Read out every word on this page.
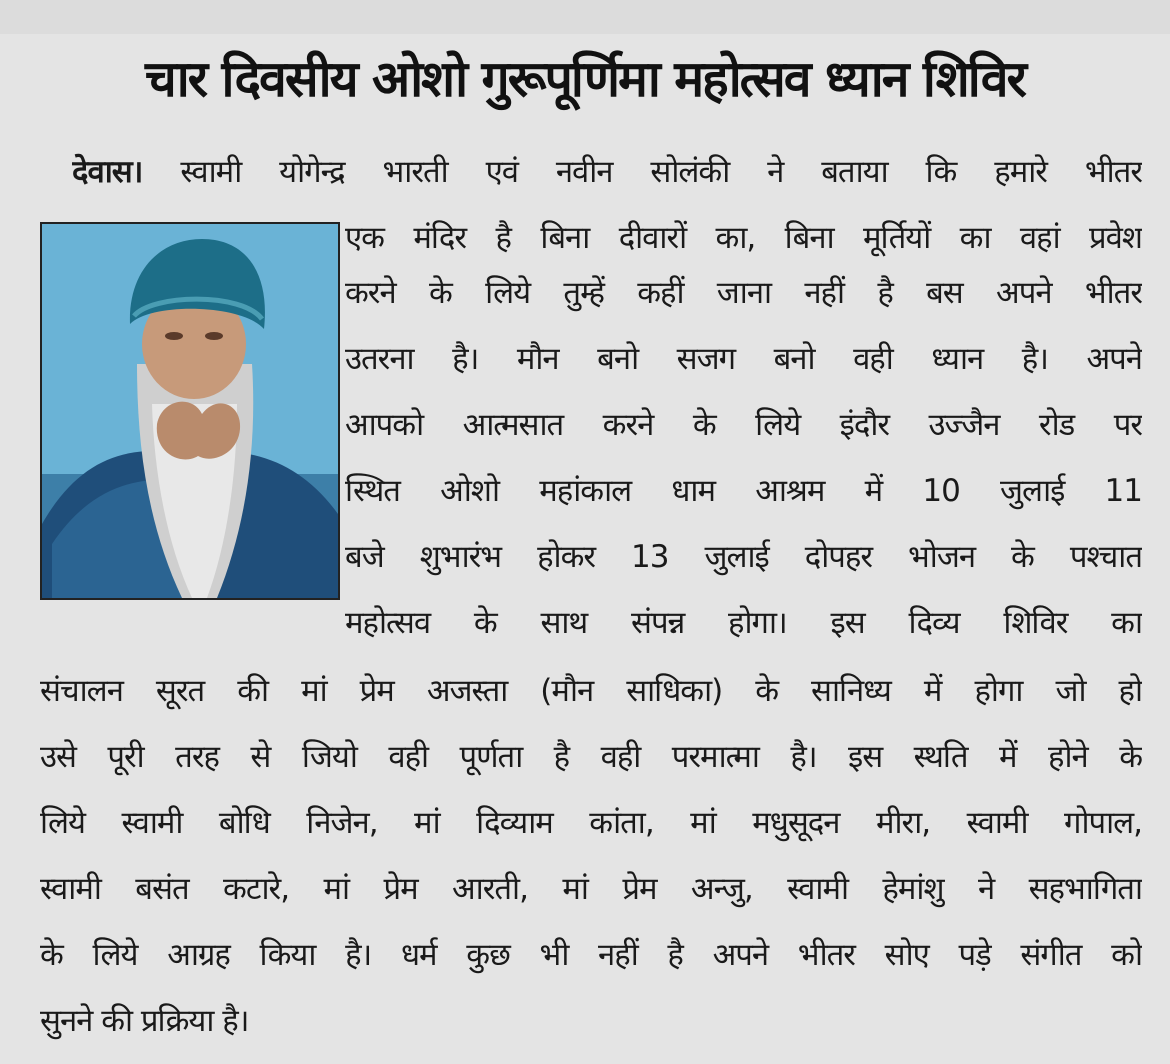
चार दिवसीय ओशो गुरूपूर्णिमा महोत्सव ध्यान शिविर
देवास। स्वामी योगेन्द्र भारती एवं नवीन सोलंकी ने बताया कि हमारे भीतर
एक मंदिर है बिना दीवारों का, बिना मूर्तियों का वहां प्रवेश
करने के लिये तुम्हें कहीं जाना नहीं है बस अपने भीतर
उतरना है। मौन बनो सजग बनो वही ध्यान है। अपने
आपको आत्मसात करने के लिये इंदौर उज्जैन रोड पर
स्थित ओशो महांकाल धाम आश्रम में 10 जुलाई 11
बजे शुभारंभ होकर 13 जुलाई दोपहर भोजन के पश्चात
महोत्सव के साथ संपन्न होगा। इस दिव्य शिविर का
संचालन सूरत की मां प्रेम अजस्ता (मौन साधिका) के सानिध्य में होगा जो हो
उसे पूरी तरह से जियो वही पूर्णता है वही परमात्मा है। इस स्थति में होने के
लिये स्वामी बोधि निजेन, मां दिव्याम कांता, मां मधुसूदन मीरा, स्वामी गोपाल,
स्वामी बसंत कटारे, मां प्रेम आरती, मां प्रेम अन्जु, स्वामी हेमांशु ने सहभागिता
के लिये आग्रह किया है। धर्म कुछ भी नहीं है अपने भीतर सोए पड़े संगीत को
सुनने की प्रक्रिया है।
